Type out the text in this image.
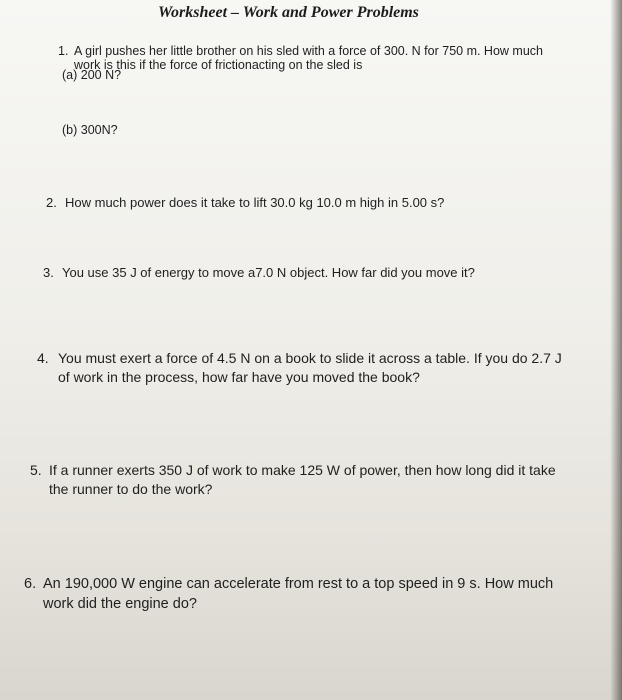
Worksheet – Work and Power Problems
1. A girl pushes her little brother on his sled with a force of 300. N for 750 m. How much
work is this if the force of frictionacting on the sled is
(a) 200 N?
(b) 300N?
2. How much power does it take to lift 30.0 kg 10.0 m high in 5.00 s?
3. You use 35 J of energy to move a7.0 N object. How far did you move it?
4. You must exert a force of 4.5 N on a book to slide it across a table. If you do 2.7 J
of work in the process, how far have you moved the book?
5. If a runner exerts 350 J of work to make 125 W of power, then how long did it take
the runner to do the work?
6. An 190,000 W engine can accelerate from rest to a top speed in 9 s. How much
work did the engine do?
